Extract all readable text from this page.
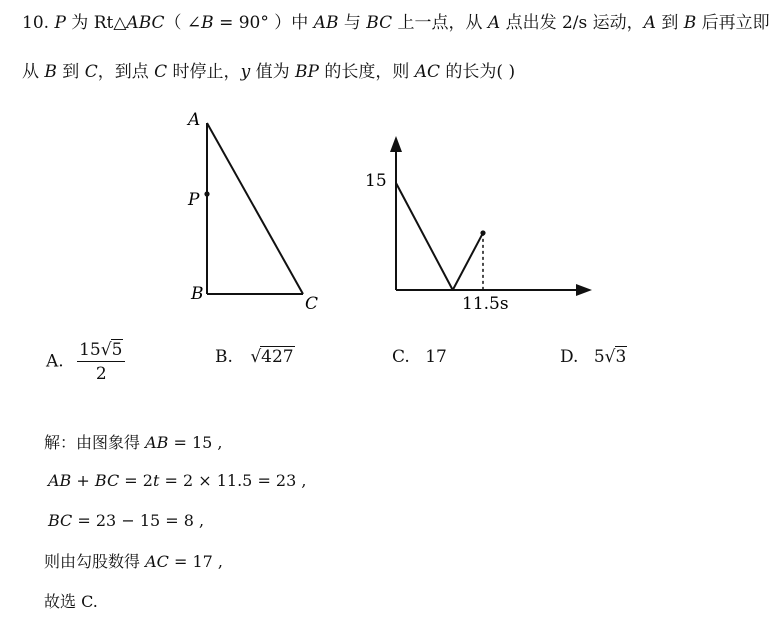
10. P 为 Rt△ABC（ ∠B = 90° ）中 AB 与 BC 上一点，从 A 点出发 2/s 运动，A 到 B 后再立即
从 B 到 C，到点 C 时停止，y 值为 BP 的长度，则 AC 的长为( )
A
P
B	C
15
11.5s
A. $\frac{15√5}{2}$	B. √427	C. 17	D. 5√3
解：由图象得 AB = 15 ,
AB + BC = 2t = 2 × 11.5 = 23 ,
BC = 23 − 15 = 8 ,
则由勾股数得 AC = 17 ,
故选 C.
